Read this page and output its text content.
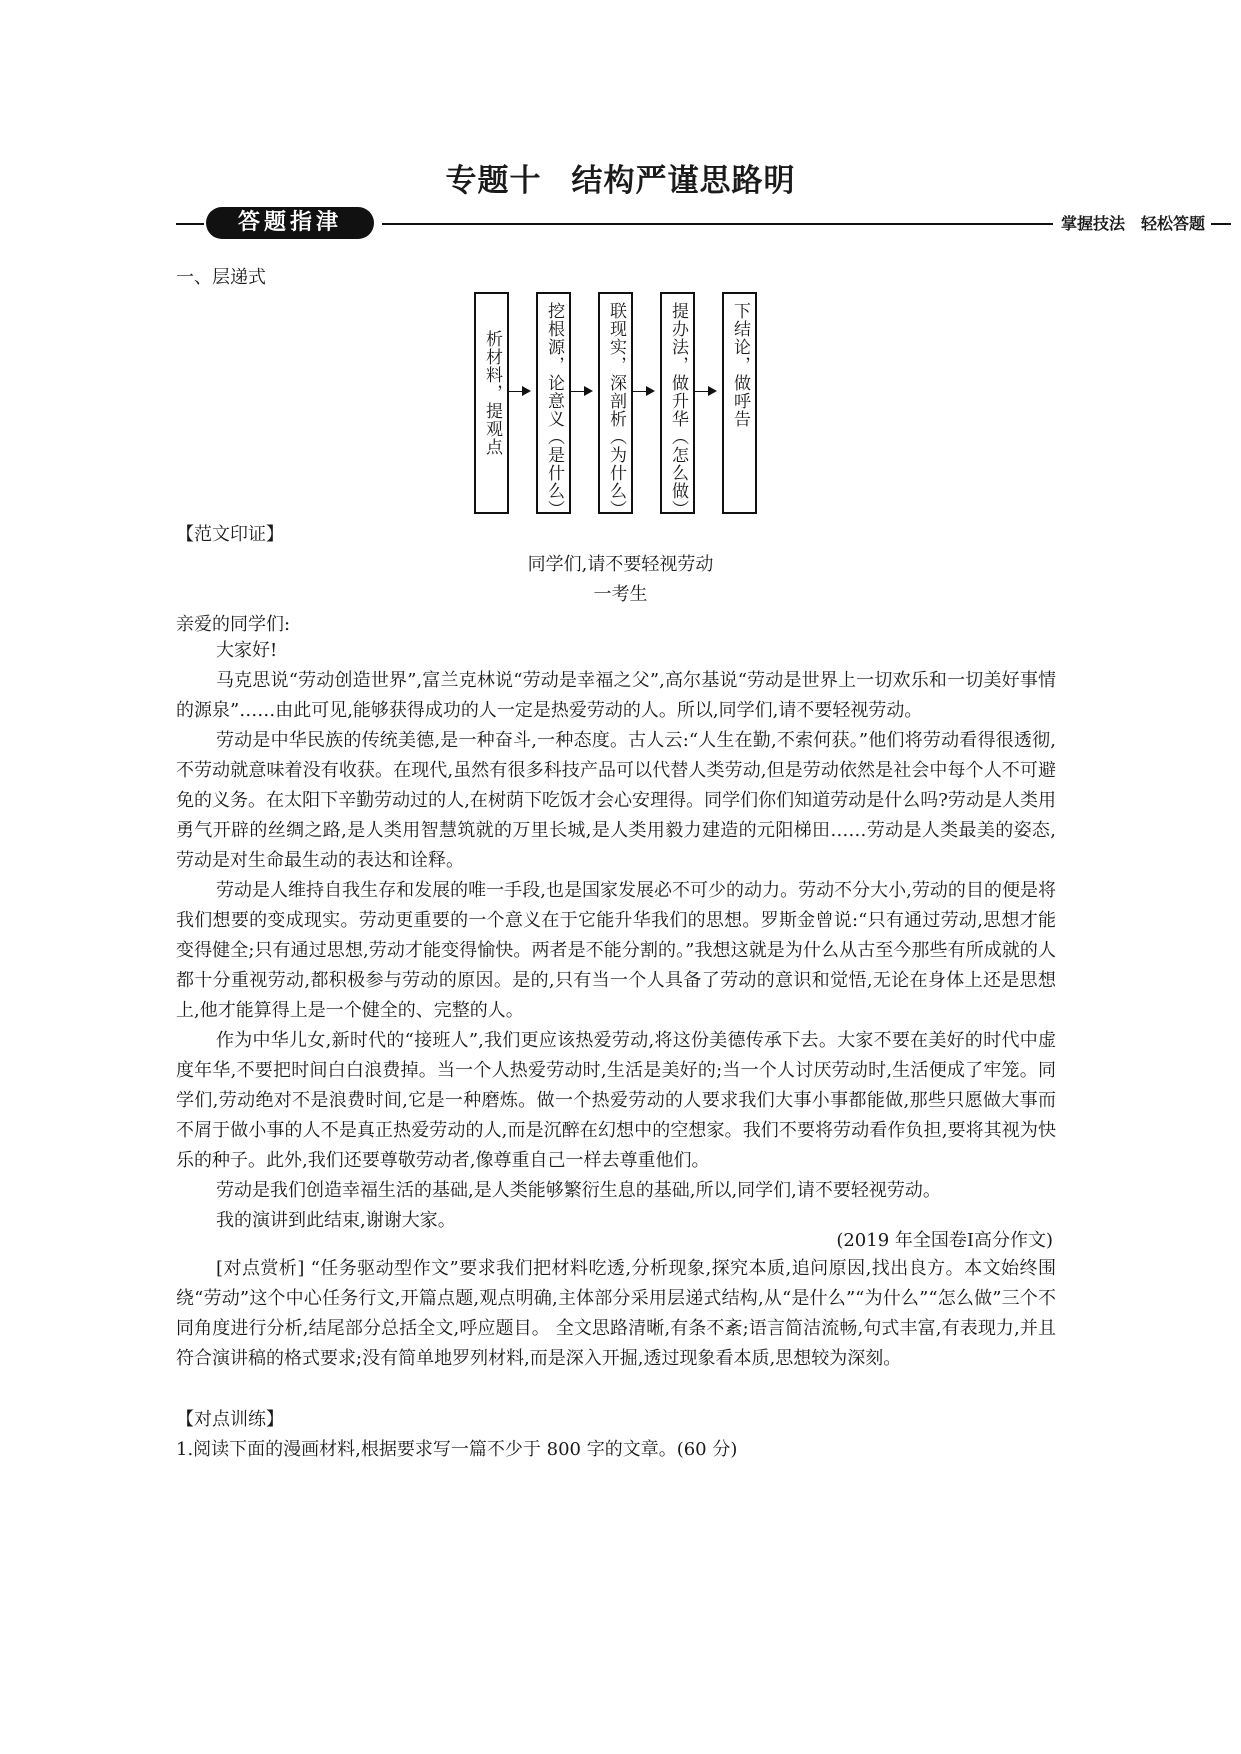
专题十 结构严谨思路明
答题指津	掌握技法 轻松答题
一、层递式
析材料，提观点	挖根源，论意义（是什么）	联现实，深剖析（为什么）	提办法，做升华（怎么做）	下结论，做呼告
【范文印证】
同学们,请不要轻视劳动
一考生
亲爱的同学们:

大家好!

马克思说“劳动创造世界”,富兰克林说“劳动是幸福之父”,高尔基说“劳动是世界上一切欢乐和一切美好事情的源泉”……由此可见,能够获得成功的人一定是热爱劳动的人。所以,同学们,请不要轻视劳动。

劳动是中华民族的传统美德,是一种奋斗,一种态度。古人云:“人生在勤,不索何获。”他们将劳动看得很透彻,不劳动就意味着没有收获。在现代,虽然有很多科技产品可以代替人类劳动,但是劳动依然是社会中每个人不可避免的义务。在太阳下辛勤劳动过的人,在树荫下吃饭才会心安理得。同学们你们知道劳动是什么吗?劳动是人类用勇气开辟的丝绸之路,是人类用智慧筑就的万里长城,是人类用毅力建造的元阳梯田……劳动是人类最美的姿态,劳动是对生命最生动的表达和诠释。

劳动是人维持自我生存和发展的唯一手段,也是国家发展必不可少的动力。劳动不分大小,劳动的目的便是将我们想要的变成现实。劳动更重要的一个意义在于它能升华我们的思想。罗斯金曾说:“只有通过劳动,思想才能变得健全;只有通过思想,劳动才能变得愉快。两者是不能分割的。”我想这就是为什么从古至今那些有所成就的人都十分重视劳动,都积极参与劳动的原因。是的,只有当一个人具备了劳动的意识和觉悟,无论在身体上还是思想上,他才能算得上是一个健全的、完整的人。

作为中华儿女,新时代的“接班人”,我们更应该热爱劳动,将这份美德传承下去。大家不要在美好的时代中虚度年华,不要把时间白白浪费掉。当一个人热爱劳动时,生活是美好的;当一个人讨厌劳动时,生活便成了牢笼。同学们,劳动绝对不是浪费时间,它是一种磨炼。做一个热爱劳动的人要求我们大事小事都能做,那些只愿做大事而不屑于做小事的人不是真正热爱劳动的人,而是沉醉在幻想中的空想家。我们不要将劳动看作负担,要将其视为快乐的种子。此外,我们还要尊敬劳动者,像尊重自己一样去尊重他们。

劳动是我们创造幸福生活的基础,是人类能够繁衍生息的基础,所以,同学们,请不要轻视劳动。

我的演讲到此结束,谢谢大家。

(2019 年全国卷Ⅰ高分作文)

[对点赏析] “任务驱动型作文”要求我们把材料吃透,分析现象,探究本质,追问原因,找出良方。本文始终围绕“劳动”这个中心任务行文,开篇点题,观点明确,主体部分采用层递式结构,从“是什么”“为什么”“怎么做”三个不同角度进行分析,结尾部分总括全文,呼应题目。 全文思路清晰,有条不紊;语言简洁流畅,句式丰富,有表现力,并且符合演讲稿的格式要求;没有简单地罗列材料,而是深入开掘,透过现象看本质,思想较为深刻。

【对点训练】
1.阅读下面的漫画材料,根据要求写一篇不少于 800 字的文章。(60 分)
